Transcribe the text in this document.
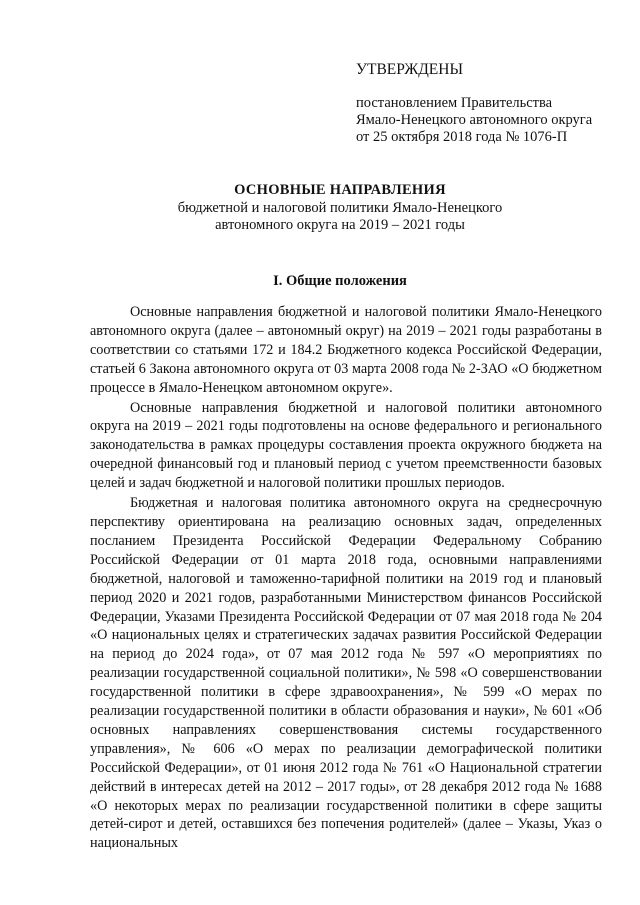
УТВЕРЖДЕНЫ
постановлением Правительства
Ямало-Ненецкого автономного округа
от 25 октября 2018 года № 1076-П
ОСНОВНЫЕ НАПРАВЛЕНИЯ
бюджетной и налоговой политики Ямало-Ненецкого
автономного округа на 2019 – 2021 годы
I. Общие положения

Основные направления бюджетной и налоговой политики Ямало-Ненецкого автономного округа (далее – автономный округ) на 2019 – 2021 годы разработаны в соответствии со статьями 172 и 184.2 Бюджетного кодекса Российской Федерации, статьей 6 Закона автономного округа от 03 марта 2008 года № 2-ЗАО «О бюджетном процессе в Ямало-Ненецком автономном округе».

Основные направления бюджетной и налоговой политики автономного округа на 2019 – 2021 годы подготовлены на основе федерального и регионального законодательства в рамках процедуры составления проекта окружного бюджета на очередной финансовый год и плановый период с учетом преемственности базовых целей и задач бюджетной и налоговой политики прошлых периодов.

Бюджетная и налоговая политика автономного округа на среднесрочную перспективу ориентирована на реализацию основных задач, определенных посланием Президента Российской Федерации Федеральному Собранию Российской Федерации от 01 марта 2018 года, основными направлениями бюджетной, налоговой и таможенно-тарифной политики на 2019 год и плановый период 2020 и 2021 годов, разработанными Министерством финансов Российской Федерации, Указами Президента Российской Федерации от 07 мая 2018 года № 204 «О национальных целях и стратегических задачах развития Российской Федерации на период до 2024 года», от 07 мая 2012 года № 597 «О мероприятиях по реализации государственной социальной политики», № 598 «О совершенствовании государственной политики в сфере здравоохранения», № 599 «О мерах по реализации государственной политики в области образования и науки», № 601 «Об основных направлениях совершенствования системы государственного управления», № 606 «О мерах по реализации демографической политики Российской Федерации», от 01 июня 2012 года № 761 «О Национальной стратегии действий в интересах детей на 2012 – 2017 годы», от 28 декабря 2012 года № 1688 «О некоторых мерах по реализации государственной политики в сфере защиты детей-сирот и детей, оставшихся без попечения родителей» (далее – Указы, Указ о национальных
